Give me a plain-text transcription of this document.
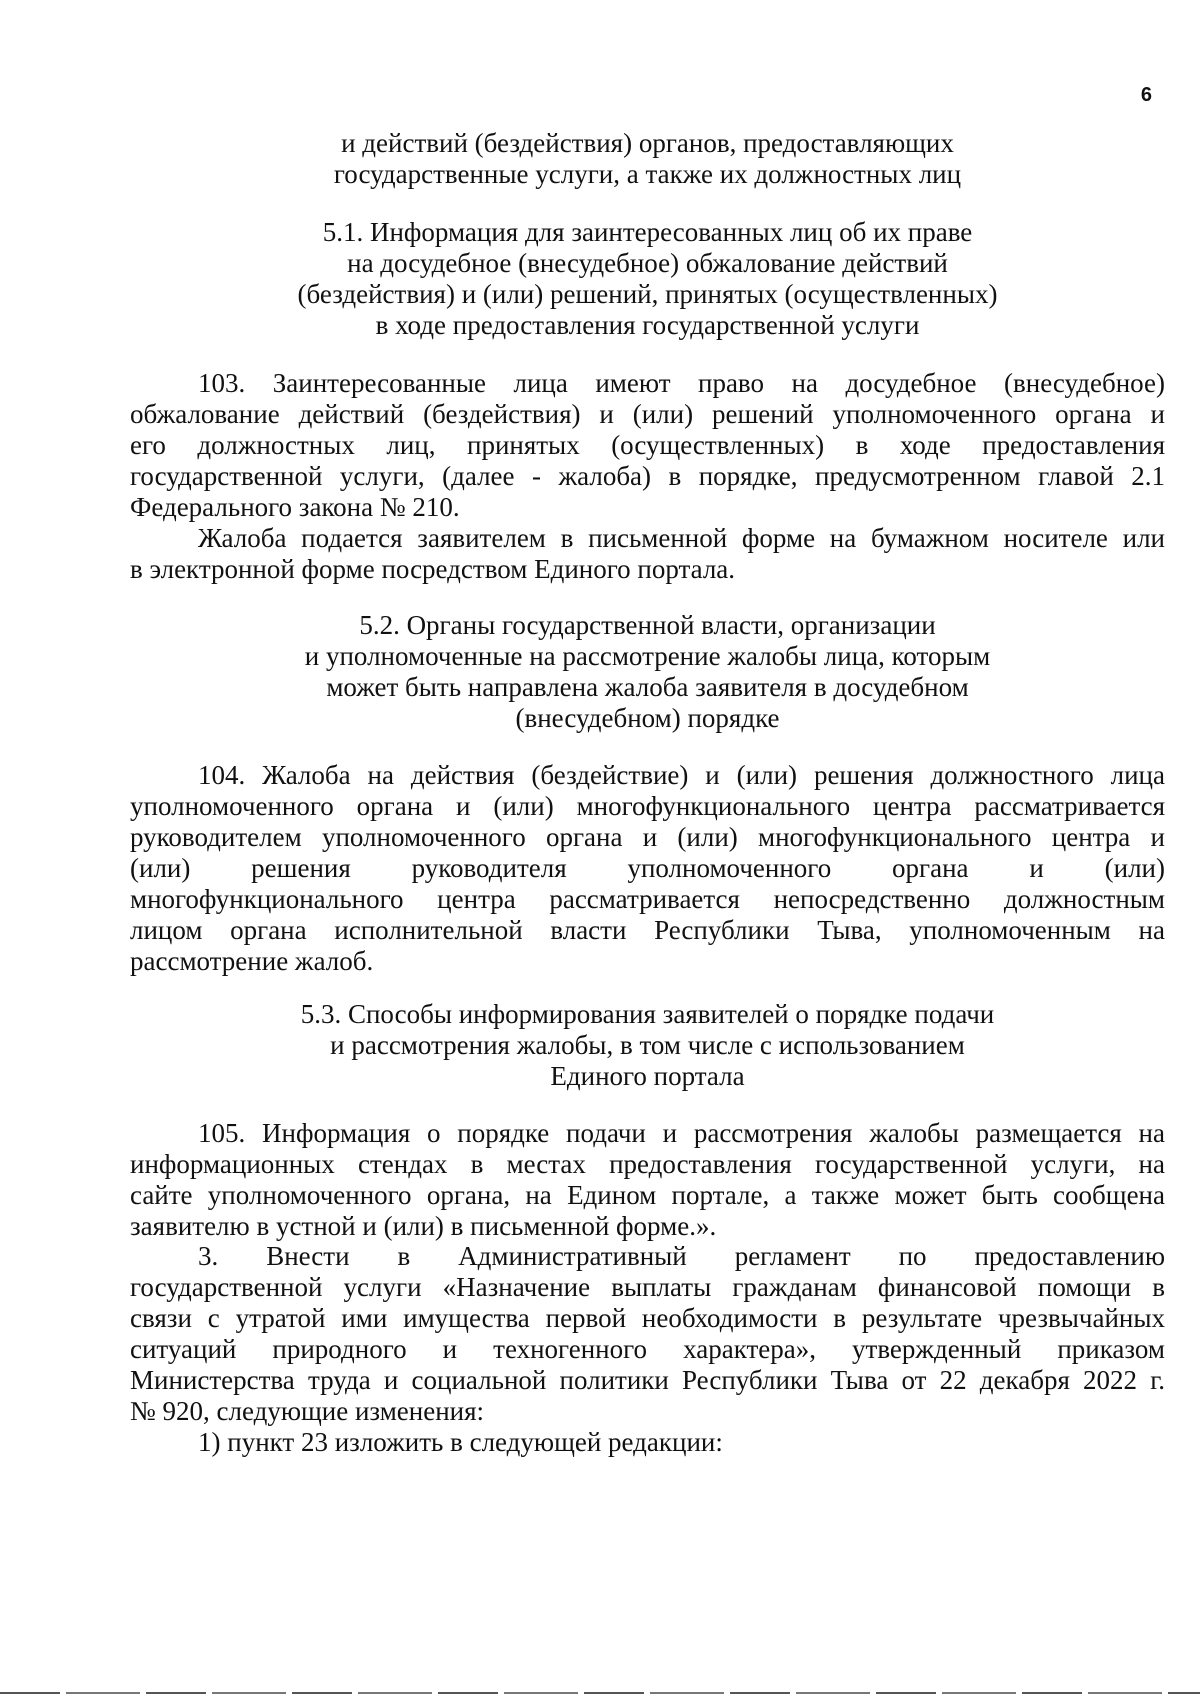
6
и действий (бездействия) органов, предоставляющих
государственные услуги, а также их должностных лиц
5.1. Информация для заинтересованных лиц об их праве
на досудебное (внесудебное) обжалование действий
(бездействия) и (или) решений, принятых (осуществленных)
в ходе предоставления государственной услуги
103. Заинтересованные лица имеют право на досудебное (внесудебное)
обжалование действий (бездействия) и (или) решений уполномоченного органа и
его должностных лиц, принятых (осуществленных) в ходе предоставления
государственной услуги, (далее - жалоба) в порядке, предусмотренном главой 2.1
Федерального закона № 210.
Жалоба подается заявителем в письменной форме на бумажном носителе или
в электронной форме посредством Единого портала.
5.2. Органы государственной власти, организации
и уполномоченные на рассмотрение жалобы лица, которым
может быть направлена жалоба заявителя в досудебном
(внесудебном) порядке
104. Жалоба на действия (бездействие) и (или) решения должностного лица
уполномоченного органа и (или) многофункционального центра рассматривается
руководителем уполномоченного органа и (или) многофункционального центра и
(или) решения руководителя уполномоченного органа и (или)
многофункционального центра рассматривается непосредственно должностным
лицом органа исполнительной власти Республики Тыва, уполномоченным на
рассмотрение жалоб.
5.3. Способы информирования заявителей о порядке подачи
и рассмотрения жалобы, в том числе с использованием
Единого портала
105. Информация о порядке подачи и рассмотрения жалобы размещается на
информационных стендах в местах предоставления государственной услуги, на
сайте уполномоченного органа, на Едином портале, а также может быть сообщена
заявителю в устной и (или) в письменной форме.».
3. Внести в Административный регламент по предоставлению
государственной услуги «Назначение выплаты гражданам финансовой помощи в
связи с утратой ими имущества первой необходимости в результате чрезвычайных
ситуаций природного и техногенного характера», утвержденный приказом
Министерства труда и социальной политики Республики Тыва от 22 декабря 2022 г.
№ 920, следующие изменения:
1) пункт 23 изложить в следующей редакции:
